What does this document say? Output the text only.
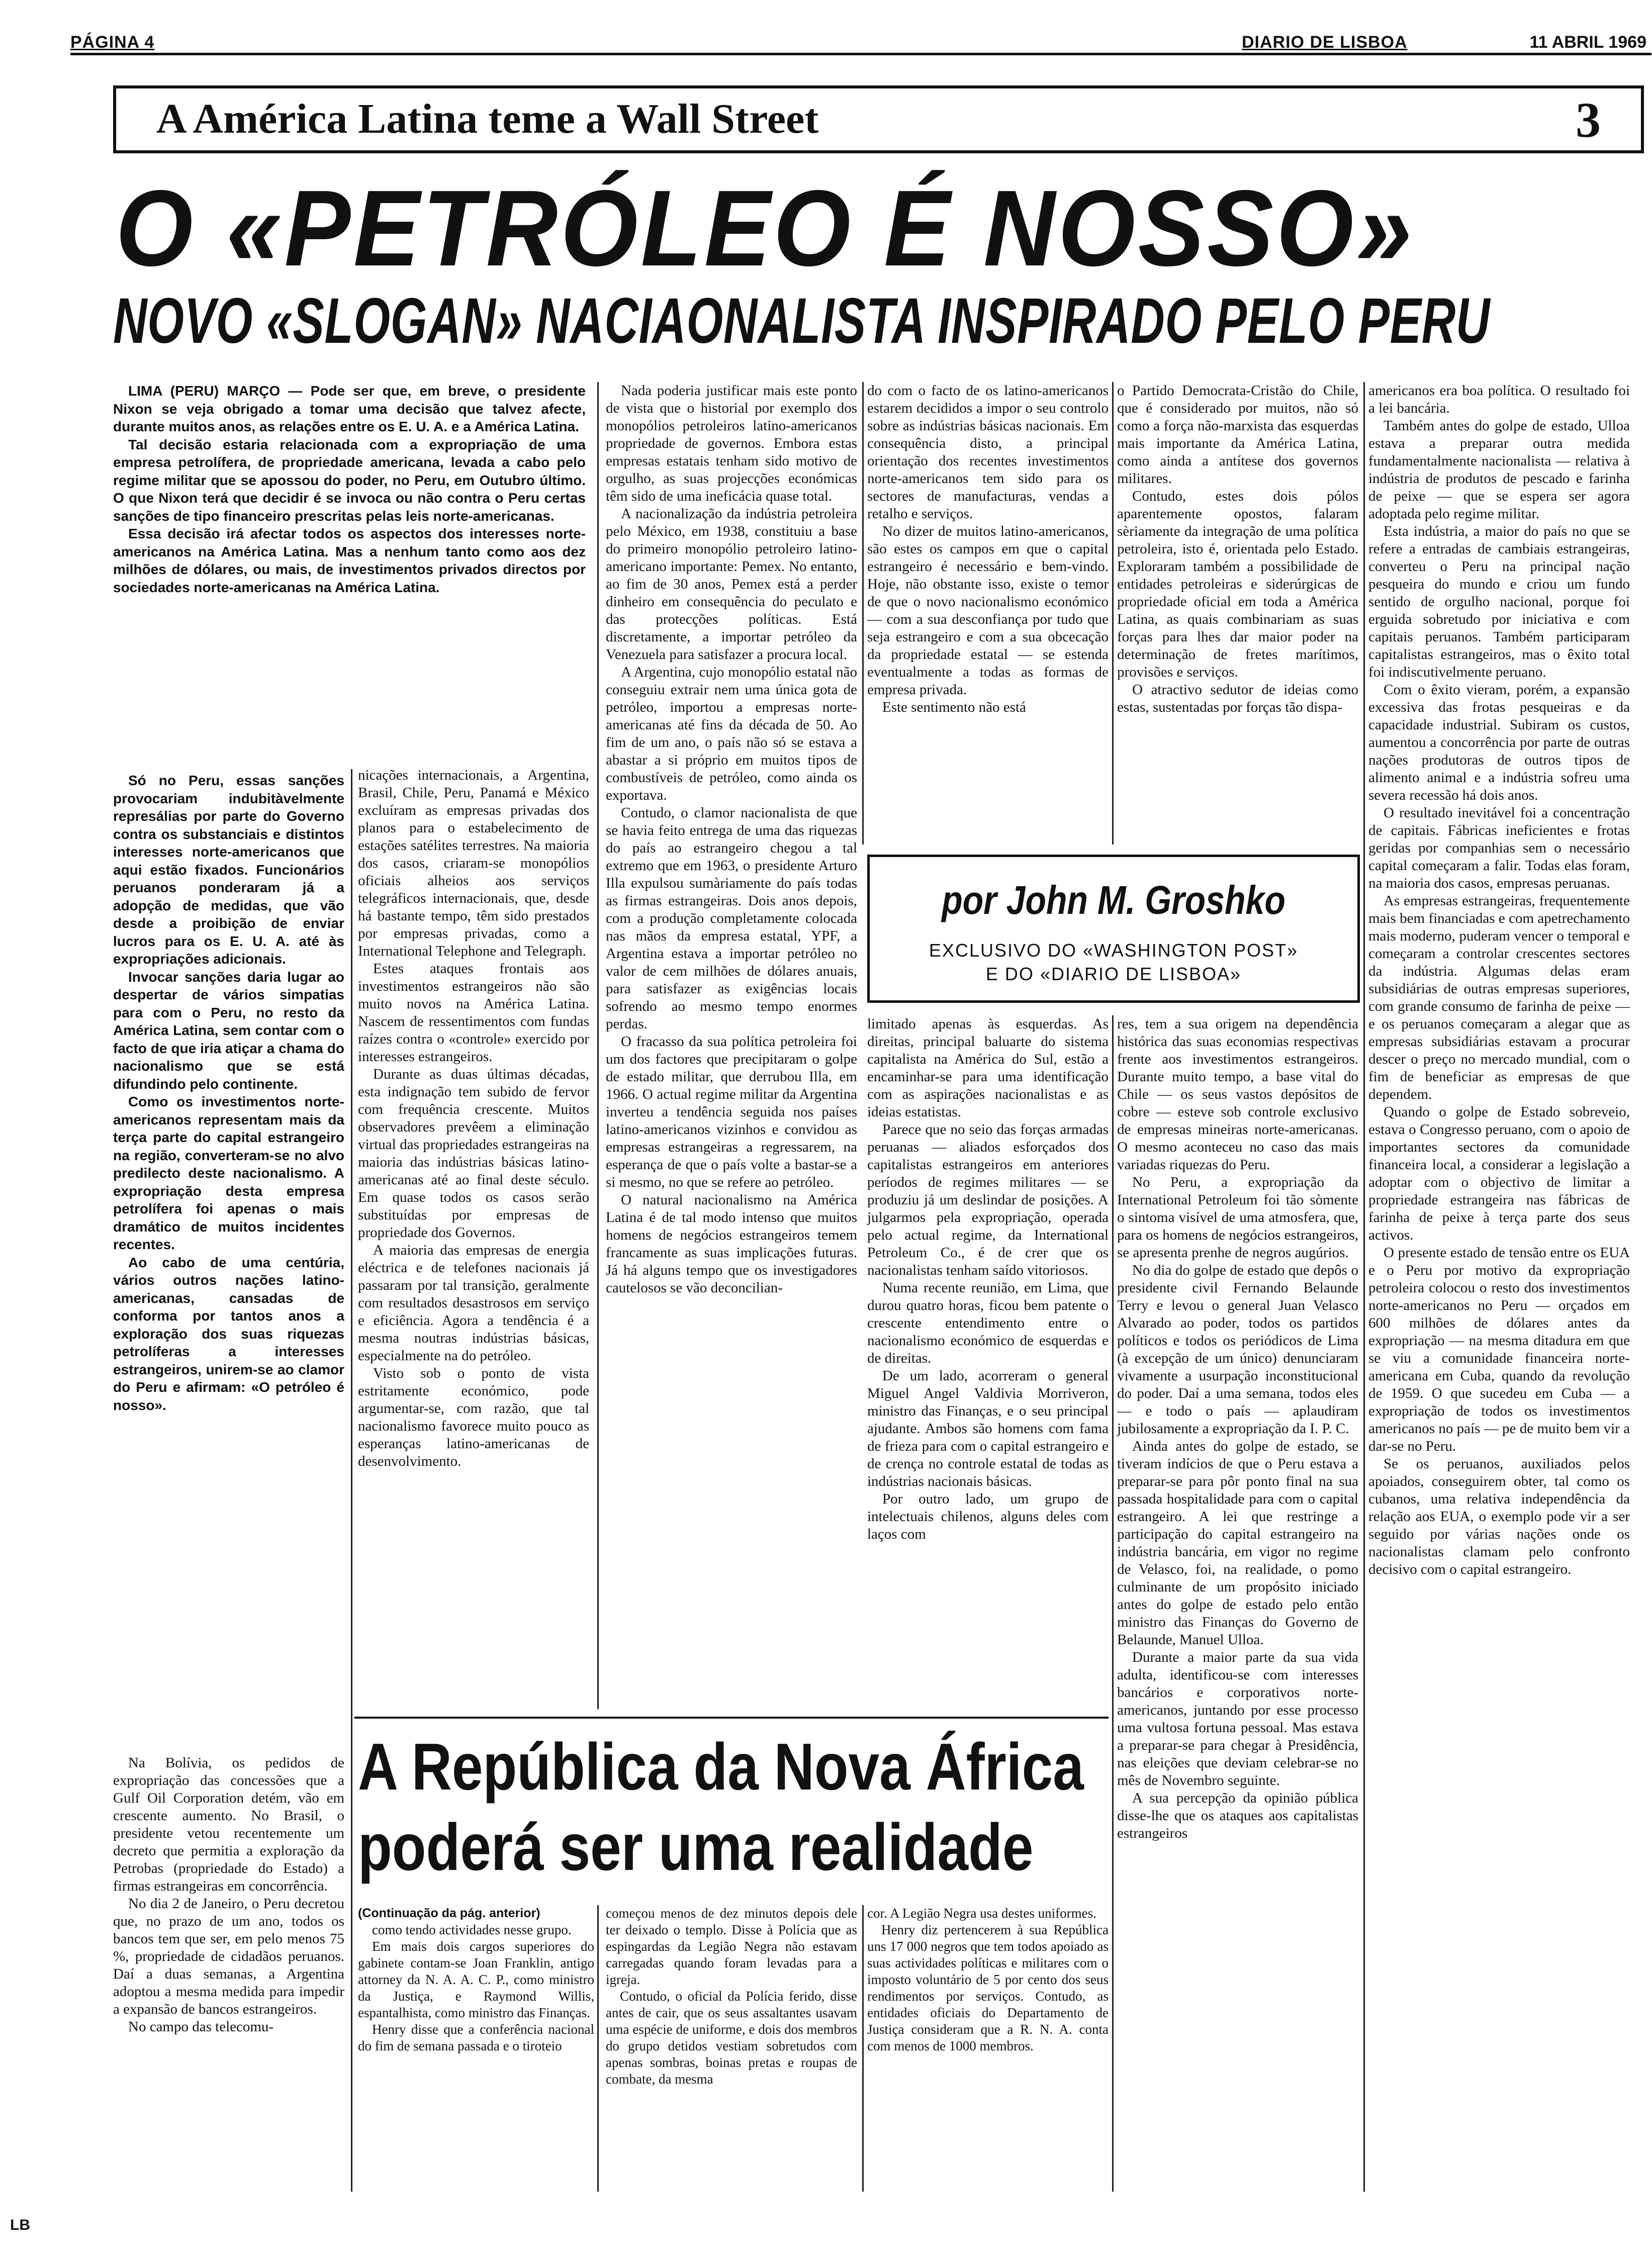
PÁGINA 4	DIARIO DE LISBOA	11 ABRIL 1969
A América Latina teme a Wall Street	3
O «PETRÓLEO É NOSSO»
NOVO «SLOGAN» NACIAONALISTA INSPIRADO PELO PERU

LIMA (PERU) MARÇO — Pode ser que, em breve, o presidente Nixon se veja obrigado a tomar uma decisão que talvez afecte, durante muitos anos, as relações entre os E. U. A. e a América Latina.

Tal decisão estaria relacionada com a expropriação de uma empresa petrolífera, de propriedade americana, levada a cabo pelo regime militar que se apossou do poder, no Peru, em Outubro último. O que Nixon terá que decidir é se invoca ou não contra o Peru certas sanções de tipo financeiro prescritas pelas leis norte-americanas.

Essa decisão irá afectar todos os aspectos dos interesses norte-americanos na América Latina. Mas a nenhum tanto como aos dez milhões de dólares, ou mais, de investimentos privados directos por sociedades norte-americanas na América Latina.

Só no Peru, essas sanções provocariam indubitàvelmente represálias por parte do Governo contra os substanciais e distintos interesses norte-americanos que aqui estão fixados. Funcionários peruanos ponderaram já a adopção de medidas, que vão desde a proibição de enviar lucros para os E. U. A. até às expropriações adicionais.

Invocar sanções daria lugar ao despertar de vários simpatias para com o Peru, no resto da América Latina, sem contar com o facto de que iria atiçar a chama do nacionalismo que se está difundindo pelo continente.

Como os investimentos norte-americanos representam mais da terça parte do capital estrangeiro na região, converteram-se no alvo predilecto deste nacionalismo. A expropriação desta empresa petrolífera foi apenas o mais dramático de muitos incidentes recentes.

Ao cabo de uma centúria, vários outros nações latino-americanas, cansadas de conforma por tantos anos a exploração dos suas riquezas petrolíferas a interesses estrangeiros, unirem-se ao clamor do Peru e afirmam: «O petróleo é nosso».

Na Bolívia, os pedidos de expropriação das concessões que a Gulf Oil Corporation detém, vão em crescente aumento. No Brasil, o presidente vetou recentemente um decreto que permitia a exploração da Petrobas (propriedade do Estado) a firmas estrangeiras em concorrência.

No dia 2 de Janeiro, o Peru decretou que, no prazo de um ano, todos os bancos tem que ser, em pelo menos 75 %, propriedade de cidadãos peruanos. Daí a duas semanas, a Argentina adoptou a mesma medida para impedir a expansão de bancos estrangeiros.

No campo das telecomu-

nicações internacionais, a Argentina, Brasil, Chile, Peru, Panamá e México excluíram as empresas privadas dos planos para o estabelecimento de estações satélites terrestres. Na maioria dos casos, criaram-se monopólios oficiais alheios aos serviços telegráficos internacionais, que, desde há bastante tempo, têm sido prestados por empresas privadas, como a International Telephone and Telegraph.

Estes ataques frontais aos investimentos estrangeiros não são muito novos na América Latina. Nascem de ressentimentos com fundas raízes contra o «controle» exercido por interesses estrangeiros.

Durante as duas últimas décadas, esta indignação tem subido de fervor com frequência crescente. Muitos observadores prevêem a eliminação virtual das propriedades estrangeiras na maioria das indústrias básicas latino-americanas até ao final deste século. Em quase todos os casos serão substituídas por empresas de propriedade dos Governos.

A maioria das empresas de energia eléctrica e de telefones nacionais já passaram por tal transição, geralmente com resultados desastrosos em serviço e eficiência. Agora a tendência é a mesma noutras indústrias básicas, especialmente na do petróleo.

Visto sob o ponto de vista estritamente económico, pode argumentar-se, com razão, que tal nacionalismo favorece muito pouco as esperanças latino-americanas de desenvolvimento.

Nada poderia justificar mais este ponto de vista que o historial por exemplo dos monopólios petroleiros latino-americanos propriedade de governos. Embora estas empresas estatais tenham sido motivo de orgulho, as suas projecções económicas têm sido de uma ineficácia quase total.

A nacionalização da indústria petroleira pelo México, em 1938, constituiu a base do primeiro monopólio petroleiro latino-americano importante: Pemex. No entanto, ao fim de 30 anos, Pemex está a perder dinheiro em consequência do peculato e das protecções políticas. Está discretamente, a importar petróleo da Venezuela para satisfazer a procura local.

A Argentina, cujo monopólio estatal não conseguiu extrair nem uma única gota de petróleo, importou a empresas norte-americanas até fins da década de 50. Ao fim de um ano, o país não só se estava a abastar a si próprio em muitos tipos de combustíveis de petróleo, como ainda os exportava.

Contudo, o clamor nacionalista de que se havia feito entrega de uma das riquezas do país ao estrangeiro chegou a tal extremo que em 1963, o presidente Arturo Illa expulsou sumàriamente do país todas as firmas estrangeiras. Dois anos depois, com a produção completamente colocada nas mãos da empresa estatal, YPF, a Argentina estava a importar petróleo no valor de cem milhões de dólares anuais, para satisfazer as exigências locais sofrendo ao mesmo tempo enormes perdas.

O fracasso da sua política petroleira foi um dos factores que precipitaram o golpe de estado militar, que derrubou Illa, em 1966. O actual regime militar da Argentina inverteu a tendência seguida nos países latino-americanos vizinhos e convidou as empresas estrangeiras a regressarem, na esperança de que o país volte a bastar-se a si mesmo, no que se refere ao petróleo.

O natural nacionalismo na América Latina é de tal modo intenso que muitos homens de negócios estrangeiros temem francamente as suas implicações futuras. Já há alguns tempo que os investigadores cautelosos se vão deconcilian-

do com o facto de os latino-americanos estarem decididos a impor o seu controlo sobre as indústrias básicas nacionais. Em consequência disto, a principal orientação dos recentes investimentos norte-americanos tem sido para os sectores de manufacturas, vendas a retalho e serviços.

No dizer de muitos latino-americanos, são estes os campos em que o capital estrangeiro é necessário e bem-vindo. Hoje, não obstante isso, existe o temor de que o novo nacionalismo económico — com a sua desconfiança por tudo que seja estrangeiro e com a sua obcecação da propriedade estatal — se estenda eventualmente a todas as formas de empresa privada.

Este sentimento não está

o Partido Democrata-Cristão do Chile, que é considerado por muitos, não só como a força não-marxista das esquerdas mais importante da América Latina, como ainda a antítese dos governos militares.

Contudo, estes dois pólos aparentemente opostos, falaram sèriamente da integração de uma política petroleira, isto é, orientada pelo Estado. Exploraram também a possibilidade de entidades petroleiras e siderúrgicas de propriedade oficial em toda a América Latina, as quais combinariam as suas forças para lhes dar maior poder na determinação de fretes marítimos, provisões e serviços.

O atractivo sedutor de ideias como estas, sustentadas por forças tão dispa-

por John M. Groshko
EXCLUSIVO DO «WASHINGTON POST»
E DO «DIARIO DE LISBOA»

limitado apenas às esquerdas. As direitas, principal baluarte do sistema capitalista na América do Sul, estão a encaminhar-se para uma identificação com as aspirações nacionalistas e as ideias estatistas.

Parece que no seio das forças armadas peruanas — aliados esforçados dos capitalistas estrangeiros em anteriores períodos de regimes militares — se produziu já um deslindar de posições. A julgarmos pela expropriação, operada pelo actual regime, da International Petroleum Co., é de crer que os nacionalistas tenham saído vitoriosos.

Numa recente reunião, em Lima, que durou quatro horas, ficou bem patente o crescente entendimento entre o nacionalismo económico de esquerdas e de direitas.

De um lado, acorreram o general Miguel Angel Valdivia Morriveron, ministro das Finanças, e o seu principal ajudante. Ambos são homens com fama de frieza para com o capital estrangeiro e de crença no controle estatal de todas as indústrias nacionais básicas.

Por outro lado, um grupo de intelectuais chilenos, alguns deles com laços com

res, tem a sua origem na dependência histórica das suas economias respectivas frente aos investimentos estrangeiros. Durante muito tempo, a base vital do Chile — os seus vastos depósitos de cobre — esteve sob controle exclusivo de empresas mineiras norte-americanas. O mesmo aconteceu no caso das mais variadas riquezas do Peru.

No Peru, a expropriação da International Petroleum foi tão sòmente o sintoma visível de uma atmosfera, que, para os homens de negócios estrangeiros, se apresenta prenhe de negros augúrios.

No dia do golpe de estado que depôs o presidente civil Fernando Belaunde Terry e levou o general Juan Velasco Alvarado ao poder, todos os partidos políticos e todos os periódicos de Lima (à excepção de um único) denunciaram vivamente a usurpação inconstitucional do poder. Daí a uma semana, todos eles — e todo o país — aplaudiram jubilosamente a expropriação da I. P. C.

Ainda antes do golpe de estado, se tiveram indícios de que o Peru estava a preparar-se para pôr ponto final na sua passada hospitalidade para com o capital estrangeiro. A lei que restringe a participação do capital estrangeiro na indústria bancária, em vigor no regime de Velasco, foi, na realidade, o pomo culminante de um propósito iniciado antes do golpe de estado pelo então ministro das Finanças do Governo de Belaunde, Manuel Ulloa.

Durante a maior parte da sua vida adulta, identificou-se com interesses bancários e corporativos norte-americanos, juntando por esse processo uma vultosa fortuna pessoal. Mas estava a preparar-se para chegar à Presidência, nas eleições que deviam celebrar-se no mês de Novembro seguinte.

A sua percepção da opinião pública disse-lhe que os ataques aos capitalistas estrangeiros

americanos era boa política. O resultado foi a lei bancária.

Também antes do golpe de estado, Ulloa estava a preparar outra medida fundamentalmente nacionalista — relativa à indústria de produtos de pescado e farinha de peixe — que se espera ser agora adoptada pelo regime militar.

Esta indústria, a maior do país no que se refere a entradas de cambiais estrangeiras, converteu o Peru na principal nação pesqueira do mundo e criou um fundo sentido de orgulho nacional, porque foi erguida sobretudo por iniciativa e com capitais peruanos. Também participaram capitalistas estrangeiros, mas o êxito total foi indiscutivelmente peruano.

Com o êxito vieram, porém, a expansão excessiva das frotas pesqueiras e da capacidade industrial. Subiram os custos, aumentou a concorrência por parte de outras nações produtoras de outros tipos de alimento animal e a indústria sofreu uma severa recessão há dois anos.

O resultado inevitável foi a concentração de capitais. Fábricas ineficientes e frotas geridas por companhias sem o necessário capital começaram a falir. Todas elas foram, na maioria dos casos, empresas peruanas.

As empresas estrangeiras, frequentemente mais bem financiadas e com apetrechamento mais moderno, puderam vencer o temporal e começaram a controlar crescentes sectores da indústria. Algumas delas eram subsidiárias de outras empresas superiores, com grande consumo de farinha de peixe — e os peruanos começaram a alegar que as empresas subsidiárias estavam a procurar descer o preço no mercado mundial, com o fim de beneficiar as empresas de que dependem.

Quando o golpe de Estado sobreveio, estava o Congresso peruano, com o apoio de importantes sectores da comunidade financeira local, a considerar a legislação a adoptar com o objectivo de limitar a propriedade estrangeira nas fábricas de farinha de peixe à terça parte dos seus activos.

O presente estado de tensão entre os EUA e o Peru por motivo da expropriação petroleira colocou o resto dos investimentos norte-americanos no Peru — orçados em 600 milhões de dólares antes da expropriação — na mesma ditadura em que se viu a comunidade financeira norte-americana em Cuba, quando da revolução de 1959. O que sucedeu em Cuba — a expropriação de todos os investimentos americanos no país — pe de muito bem vir a dar-se no Peru.

Se os peruanos, auxiliados pelos apoiados, conseguirem obter, tal como os cubanos, uma relativa independência da relação aos EUA, o exemplo pode vir a ser seguido por várias nações onde os nacionalistas clamam pelo confronto decisivo com o capital estrangeiro.

A República da Nova África
poderá ser uma realidade
(Continuação da pág. anterior)

como tendo actividades nesse grupo.

Em mais dois cargos superiores do gabinete contam-se Joan Franklin, antigo attorney da N. A. A. C. P., como ministro da Justiça, e Raymond Willis, espantalhista, como ministro das Finanças.

Henry disse que a conferência nacional do fim de semana passada e o tiroteio

começou menos de dez minutos depois dele ter deixado o templo. Disse à Polícia que as espingardas da Legião Negra não estavam carregadas quando foram levadas para a igreja.

Contudo, o oficial da Polícia ferido, disse antes de cair, que os seus assaltantes usavam uma espécie de uniforme, e dois dos membros do grupo detidos vestiam sobretudos com apenas sombras, boinas pretas e roupas de combate, da mesma

cor. A Legião Negra usa destes uniformes.

Henry diz pertencerem à sua República uns 17 000 negros que tem todos apoiado as suas actividades políticas e militares com o imposto voluntário de 5 por cento dos seus rendimentos por serviços. Contudo, as entidades oficiais do Departamento de Justiça consideram que a R. N. A. conta com menos de 1000 membros.

LB
